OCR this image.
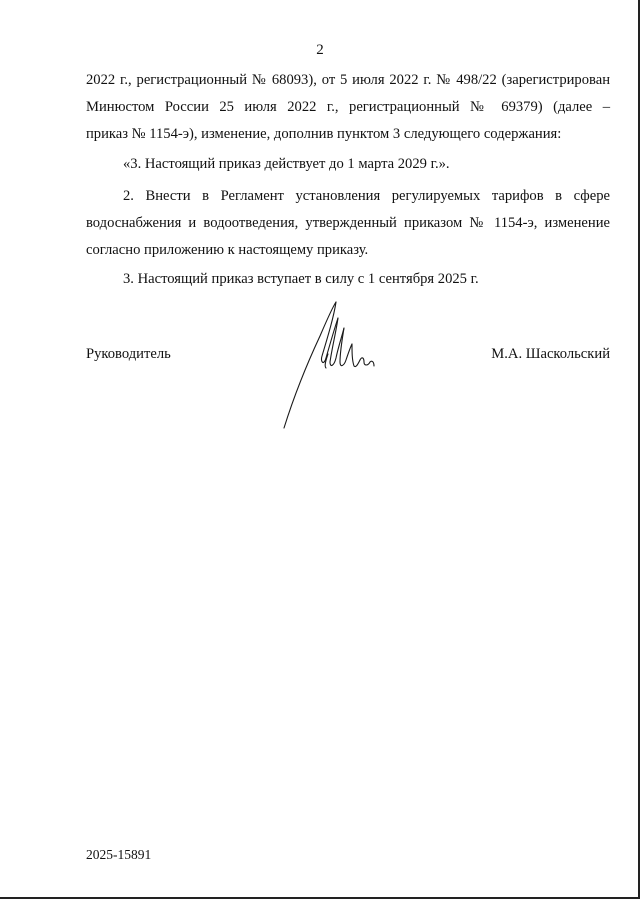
2

2022 г., регистрационный № 68093), от 5 июля 2022 г. № 498/22 (зарегистрирован
Минюстом России 25 июля 2022 г., регистрационный № 69379) (далее –
приказ № 1154-э), изменение, дополнив пунктом 3 следующего содержания:

«3. Настоящий приказ действует до 1 марта 2029 г.».

2. Внести в Регламент установления регулируемых тарифов в сфере
водоснабжения и водоотведения, утвержденный приказом № 1154-э, изменение
согласно приложению к настоящему приказу.

3. Настоящий приказ вступает в силу с 1 сентября 2025 г.

Руководитель	М.А. Шаскольский
2025-15891
